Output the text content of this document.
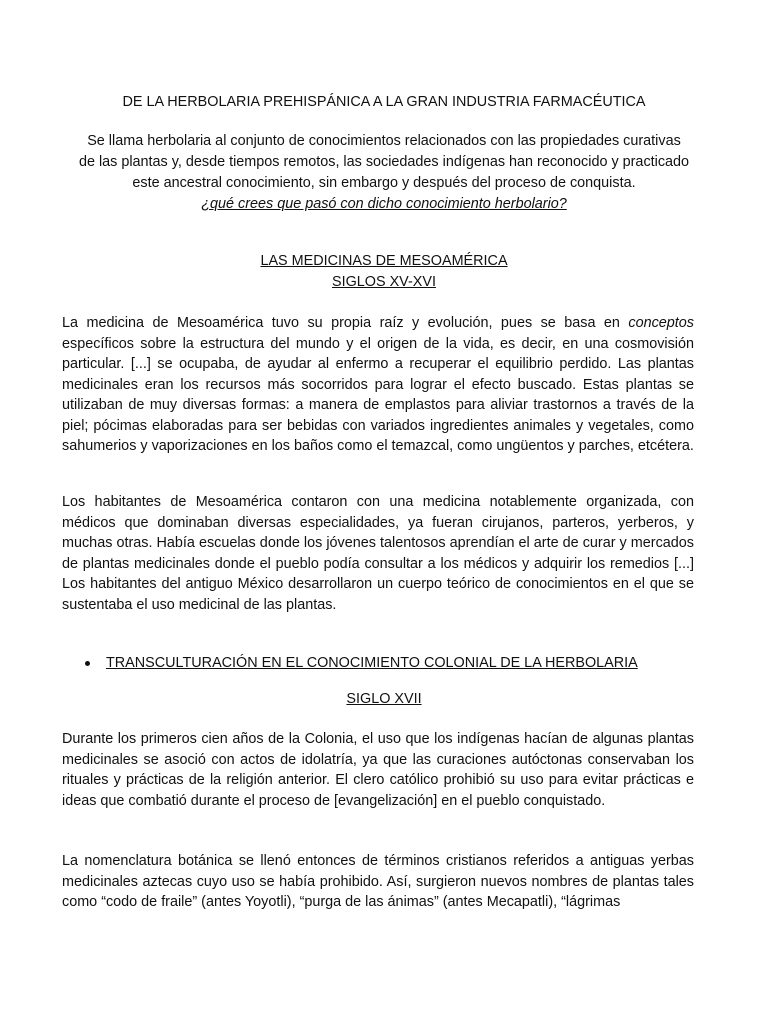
DE LA HERBOLARIA PREHISPÁNICA A LA GRAN INDUSTRIA FARMACÉUTICA
Se llama herbolaria al conjunto de conocimientos relacionados con las propiedades curativas de las plantas y, desde tiempos remotos, las sociedades indígenas han reconocido y practicado este ancestral conocimiento, sin embargo y después del proceso de conquista.
¿qué crees que pasó con dicho conocimiento herbolario?
LAS MEDICINAS DE MESOAMÉRICA
SIGLOS XV-XVI
La medicina de Mesoamérica tuvo su propia raíz y evolución, pues se basa en conceptos específicos sobre la estructura del mundo y el origen de la vida, es decir, en una cosmovisión particular. [...] se ocupaba, de ayudar al enfermo a recuperar el equilibrio perdido. Las plantas medicinales eran los recursos más socorridos para lograr el efecto buscado. Estas plantas se utilizaban de muy diversas formas: a manera de emplastos para aliviar trastornos a través de la piel; pócimas elaboradas para ser bebidas con variados ingredientes animales y vegetales, como sahumerios y vaporizaciones en los baños como el temazcal, como ungüentos y parches, etcétera.
Los habitantes de Mesoamérica contaron con una medicina notablemente organizada, con médicos que dominaban diversas especialidades, ya fueran cirujanos, parteros, yerberos, y muchas otras. Había escuelas donde los jóvenes talentosos aprendían el arte de curar y mercados de plantas medicinales donde el pueblo podía consultar a los médicos y adquirir los remedios [...] Los habitantes del antiguo México desarrollaron un cuerpo teórico de conocimientos en el que se sustentaba el uso medicinal de las plantas.
TRANSCULTURACIÓN EN EL CONOCIMIENTO COLONIAL DE LA HERBOLARIA
SIGLO XVII
Durante los primeros cien años de la Colonia, el uso que los indígenas hacían de algunas plantas medicinales se asoció con actos de idolatría, ya que las curaciones autóctonas conservaban los rituales y prácticas de la religión anterior. El clero católico prohibió su uso para evitar prácticas e ideas que combatió durante el proceso de [evangelización] en el pueblo conquistado.
La nomenclatura botánica se llenó entonces de términos cristianos referidos a antiguas yerbas medicinales aztecas cuyo uso se había prohibido. Así, surgieron nuevos nombres de plantas tales como “codo de fraile” (antes Yoyotli), “purga de las ánimas” (antes Mecapatli), “lágrimas
